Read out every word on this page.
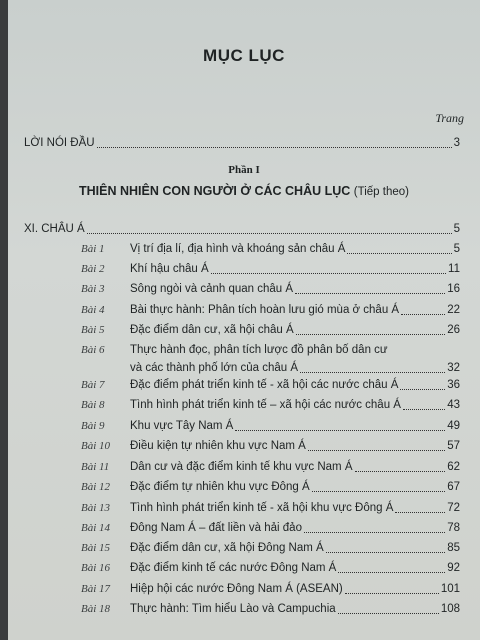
MỤC LỤC
Trang
LỜI NÓI ĐẦU	3
Phần I
THIÊN NHIÊN CON NGƯỜI Ở CÁC CHÂU LỤC (Tiếp theo)
XI. CHÂU Á	5
Bài 1 Vị trí địa lí, địa hình và khoáng sản châu Á	5
Bài 2 Khí hậu châu Á	11
Bài 3 Sông ngòi và cảnh quan châu Á	16
Bài 4 Bài thực hành: Phân tích hoàn lưu gió mùa ở châu Á	22
Bài 5 Đặc điểm dân cư, xã hội châu Á	26
Bài 6 Thực hành đọc, phân tích lược đồ phân bố dân cư
và các thành phố lớn của châu Á	32
Bài 7 Đặc điểm phát triển kinh tế - xã hội các nước châu Á	36
Bài 8 Tình hình phát triển kinh tế – xã hội các nước châu Á	43
Bài 9 Khu vực Tây Nam Á	49
Bài 10 Điều kiện tự nhiên khu vực Nam Á	57
Bài 11 Dân cư và đặc điểm kinh tế khu vực Nam Á	62
Bài 12 Đặc điểm tự nhiên khu vực Đông Á	67
Bài 13 Tình hình phát triển kinh tế - xã hội khu vực Đông Á	72
Bài 14 Đông Nam Á – đất liền và hải đảo	78
Bài 15 Đặc điểm dân cư, xã hội Đông Nam Á	85
Bài 16 Đặc điểm kinh tế các nước Đông Nam Á	92
Bài 17 Hiệp hội các nước Đông Nam Á (ASEAN)	101
Bài 18 Thực hành: Tìm hiểu Lào và Campuchia	108
